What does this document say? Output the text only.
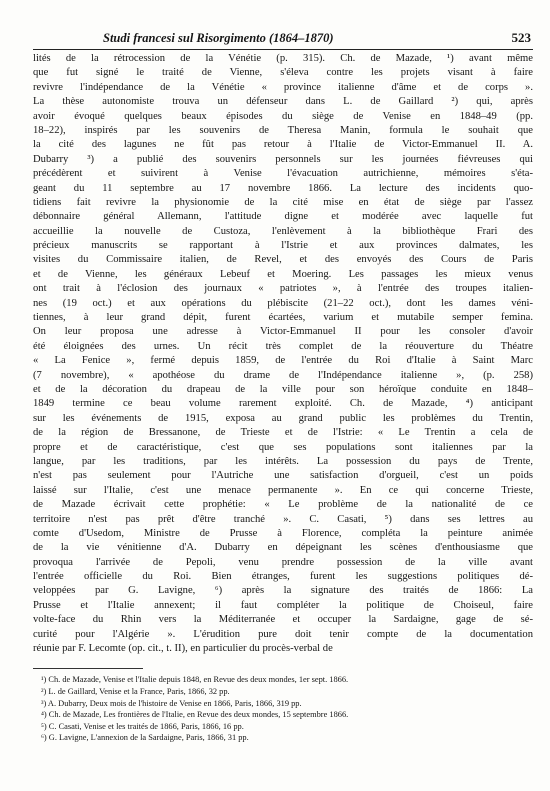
Studi francesi sul Risorgimento (1864–1870)	523
lités de la rétrocession de la Vénétie (p. 315). Ch. de Mazade, ¹) avant même
que fut signé le traité de Vienne, s'éleva contre les projets visant à faire
revivre l'indépendance de la Vénétie « province italienne d'âme et de corps ».
La thèse autonomiste trouva un défenseur dans L. de Gaillard ²) qui, après
avoir évoqué quelques beaux épisodes du siège de Venise en 1848–49 (pp.
18–22), inspirés par les souvenirs de Theresa Manin, formula le souhait que
la cité des lagunes ne fût pas retour à l'Italie de Victor-Emmanuel II. A.
Dubarry ³) a publié des souvenirs personnels sur les journées fiévreuses qui
précédèrent et suivirent à Venise l'évacuation autrichienne, mémoires s'éta-
geant du 11 septembre au 17 novembre 1866. La lecture des incidents quo-
tidiens fait revivre la physionomie de la cité mise en état de siège par l'assez
débonnaire général Allemann, l'attitude digne et modérée avec laquelle fut
accueillie la nouvelle de Custoza, l'enlèvement à la bibliothèque Frari des
précieux manuscrits se rapportant à l'Istrie et aux provinces dalmates, les
visites du Commissaire italien, de Revel, et des envoyés des Cours de Paris
et de Vienne, les généraux Lebeuf et Moering. Les passages les mieux venus
ont trait à l'éclosion des journaux « patriotes », à l'entrée des troupes italien-
nes (19 oct.) et aux opérations du plébiscite (21–22 oct.), dont les dames véni-
tiennes, à leur grand dépit, furent écartées, varium et mutabile semper femina.
On leur proposa une adresse à Victor-Emmanuel II pour les consoler d'avoir
été éloignées des urnes. Un récit très complet de la réouverture du Théatre
« La Fenice », fermé depuis 1859, de l'entrée du Roi d'Italie à Saint Marc
(7 novembre), « apothéose du drame de l'Indépendance italienne », (p. 258)
et de la décoration du drapeau de la ville pour son héroïque conduite en 1848–
1849 termine ce beau volume rarement exploité. Ch. de Mazade, ⁴) anticipant
sur les événements de 1915, exposa au grand public les problèmes du Trentin,
de la région de Bressanone, de Trieste et de l'Istrie: « Le Trentin a cela de
propre et de caractéristique, c'est que ses populations sont italiennes par la
langue, par les traditions, par les intérêts. La possession du pays de Trente,
n'est pas seulement pour l'Autriche une satisfaction d'orgueil, c'est un poids
laissé sur l'Italie, c'est une menace permanente ». En ce qui concerne Trieste,
de Mazade écrivait cette prophétie: « Le problème de la nationalité de ce
territoire n'est pas prêt d'être tranché ». C. Casati, ⁵) dans ses lettres au
comte d'Usedom, Ministre de Prusse à Florence, compléta la peinture animée
de la vie vénitienne d'A. Dubarry en dépeignant les scènes d'enthousiasme que
provoqua l'arrivée de Pepoli, venu prendre possession de la ville avant
l'entrée officielle du Roi. Bien étranges, furent les suggestions politiques dé-
veloppées par G. Lavigne, ⁶) après la signature des traités de 1866: La
Prusse et l'Italie annexent; il faut compléter la politique de Choiseul, faire
volte-face du Rhin vers la Méditerranée et occuper la Sardaigne, gage de sé-
curité pour l'Algérie ». L'érudition pure doit tenir compte de la documentation
réunie par F. Lecomte (op. cit., t. II), en particulier du procès-verbal de
¹) Ch. de Mazade, Venise et l'Italie depuis 1848, en Revue des deux mondes, 1er sept. 1866.
²) L. de Gaillard, Venise et la France, Paris, 1866, 32 pp.
³) A. Dubarry, Deux mois de l'histoire de Venise en 1866, Paris, 1866, 319 pp.
⁴) Ch. de Mazade, Les frontières de l'Italie, en Revue des deux mondes, 15 septembre 1866.
⁵) C. Casati, Venise et les traités de 1866, Paris, 1866, 16 pp.
⁶) G. Lavigne, L'annexion de la Sardaigne, Paris, 1866, 31 pp.
